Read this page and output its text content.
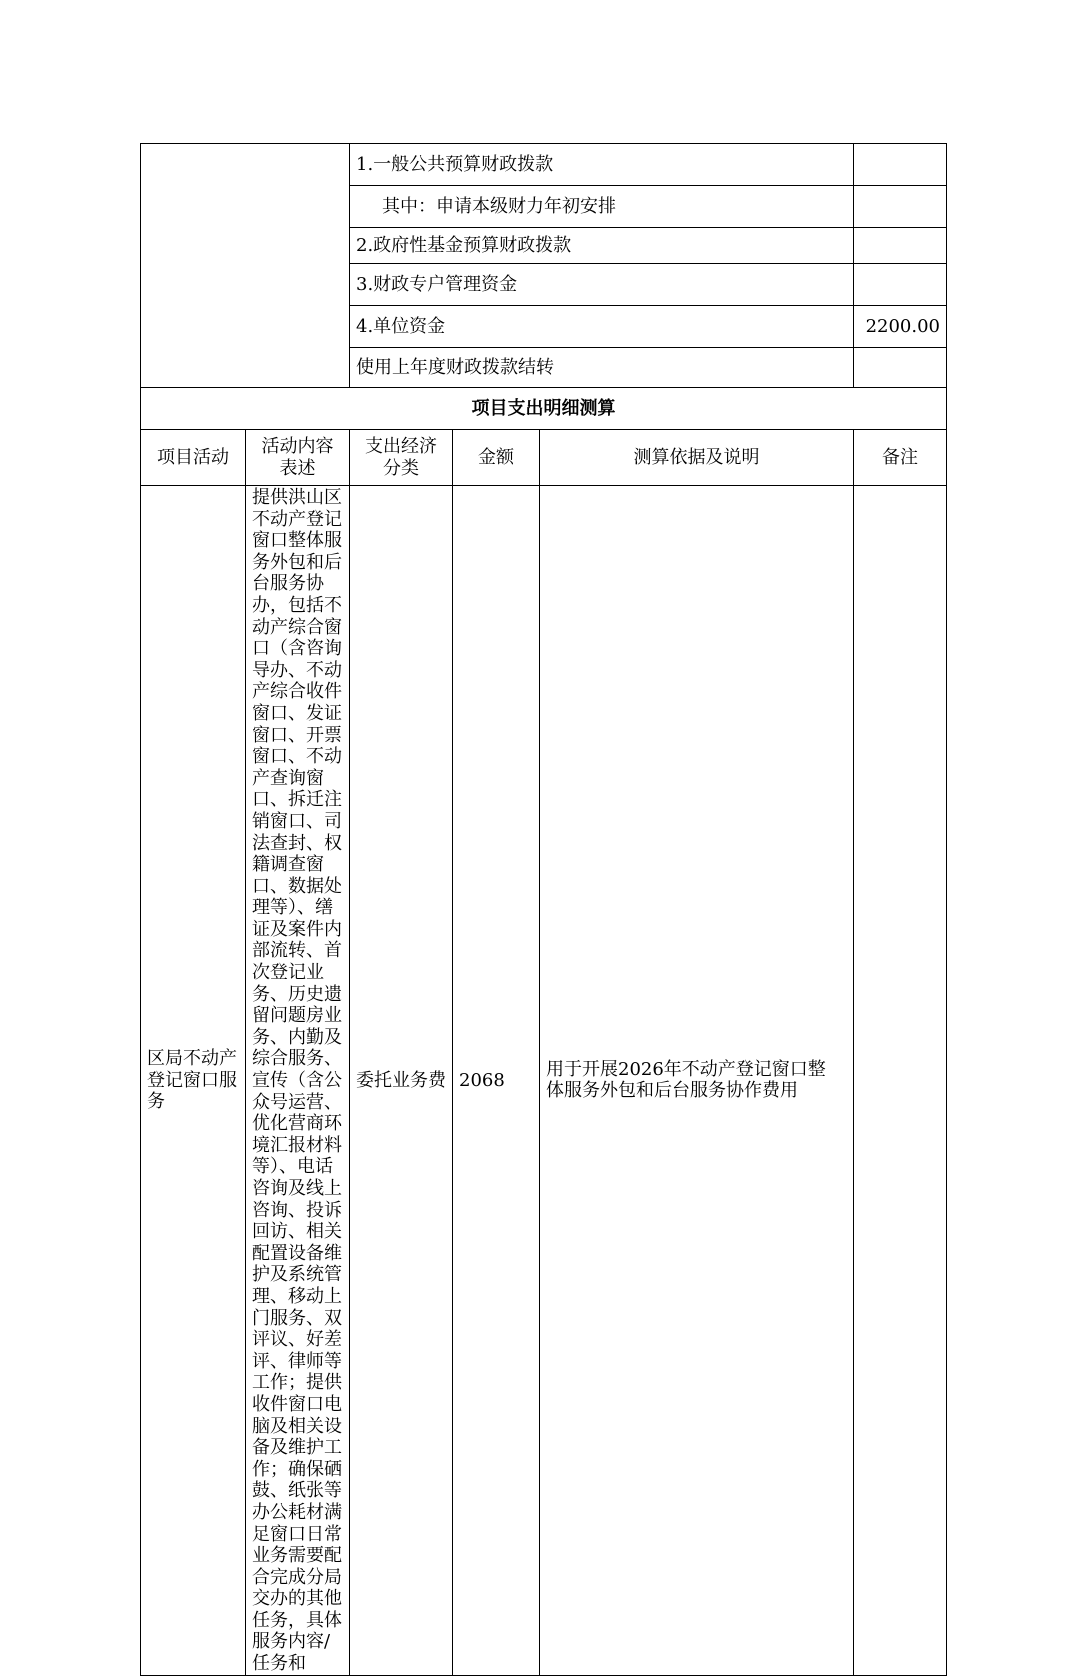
		1.一般公共预算财政拨款			
		其中：申请本级财力年初安排			
		2.政府性基金预算财政拨款			
		3.财政专户管理资金			
		4.单位资金			2200.00
		使用上年度财政拨款结转			
项目支出明细测算					
项目活动	活动内容表述	支出经济分类	金额	测算依据及说明	备注
区局不动产登记窗口服务	提供洪山区不动产登记窗口整体服务外包和后台服务协办，包括不动产综合窗口（含咨询导办、不动产综合收件窗口、发证窗口、开票窗口、不动产查询窗口、拆迁注销窗口、司法查封、权籍调查窗口、数据处理等）、缮证及案件内部流转、首次登记业务、历史遗留问题房业务、内勤及综合服务、宣传（含公众号运营、优化营商环境汇报材料等）、电话咨询及线上咨询、投诉回访、相关配置设备维护及系统管理、移动上门服务、双评议、好差评、律师等工作；提供收件窗口电脑及相关设备及维护工作；确保硒鼓、纸张等办公耗材满足窗口日常业务需要配合完成分局交办的其他任务，具体服务内容/任务和	委托业务费	2068	用于开展2026年不动产登记窗口整体服务外包和后台服务协作费用	
